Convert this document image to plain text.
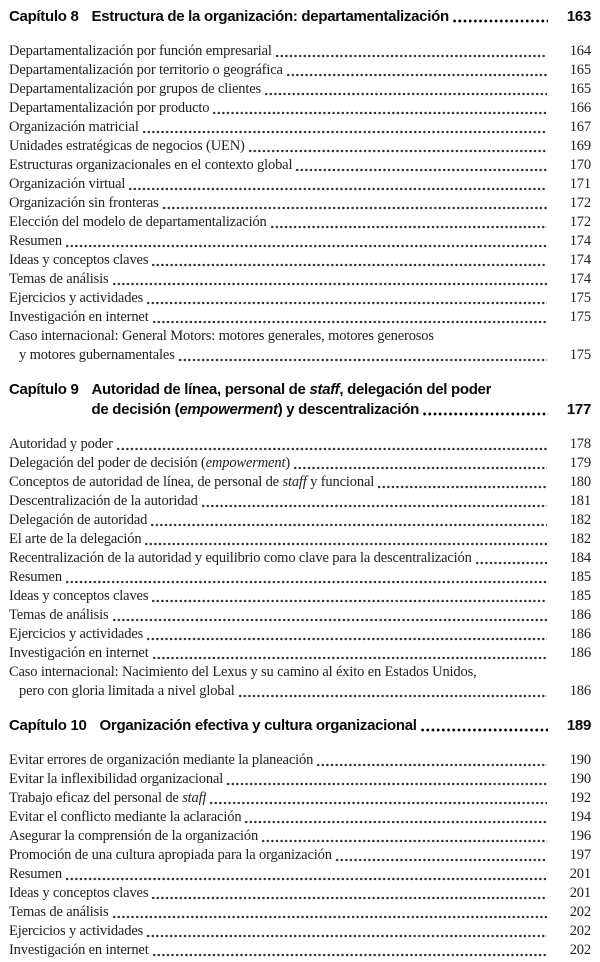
Capítulo 8 Estructura de la organización: departamentalización	163
Departamentalización por función empresarial	164
Departamentalización por territorio o geográfica	165
Departamentalización por grupos de clientes	165
Departamentalización por producto	166
Organización matricial	167
Unidades estratégicas de negocios (UEN)	169
Estructuras organizacionales en el contexto global	170
Organización virtual	171
Organización sin fronteras	172
Elección del modelo de departamentalización	172
Resumen	174
Ideas y conceptos claves	174
Temas de análisis	174
Ejercicios y actividades	175
Investigación en internet	175
Caso internacional: General Motors: motores generales, motores generosos
y motores gubernamentales	175
Capítulo 9 Autoridad de línea, personal de staff, delegación del poder
de decisión (empowerment) y descentralización	177
Autoridad y poder	178
Delegación del poder de decisión (empowerment)	179
Conceptos de autoridad de línea, de personal de staff y funcional	180
Descentralización de la autoridad	181
Delegación de autoridad	182
El arte de la delegación	182
Recentralización de la autoridad y equilibrio como clave para la descentralización	184
Resumen	185
Ideas y conceptos claves	185
Temas de análisis	186
Ejercicios y actividades	186
Investigación en internet	186
Caso internacional: Nacimiento del Lexus y su camino al éxito en Estados Unidos,
pero con gloria limitada a nivel global	186
Capítulo 10 Organización efectiva y cultura organizacional	189
Evitar errores de organización mediante la planeación	190
Evitar la inflexibilidad organizacional	190
Trabajo eficaz del personal de staff	192
Evitar el conflicto mediante la aclaración	194
Asegurar la comprensión de la organización	196
Promoción de una cultura apropiada para la organización	197
Resumen	201
Ideas y conceptos claves	201
Temas de análisis	202
Ejercicios y actividades	202
Investigación en internet	202
